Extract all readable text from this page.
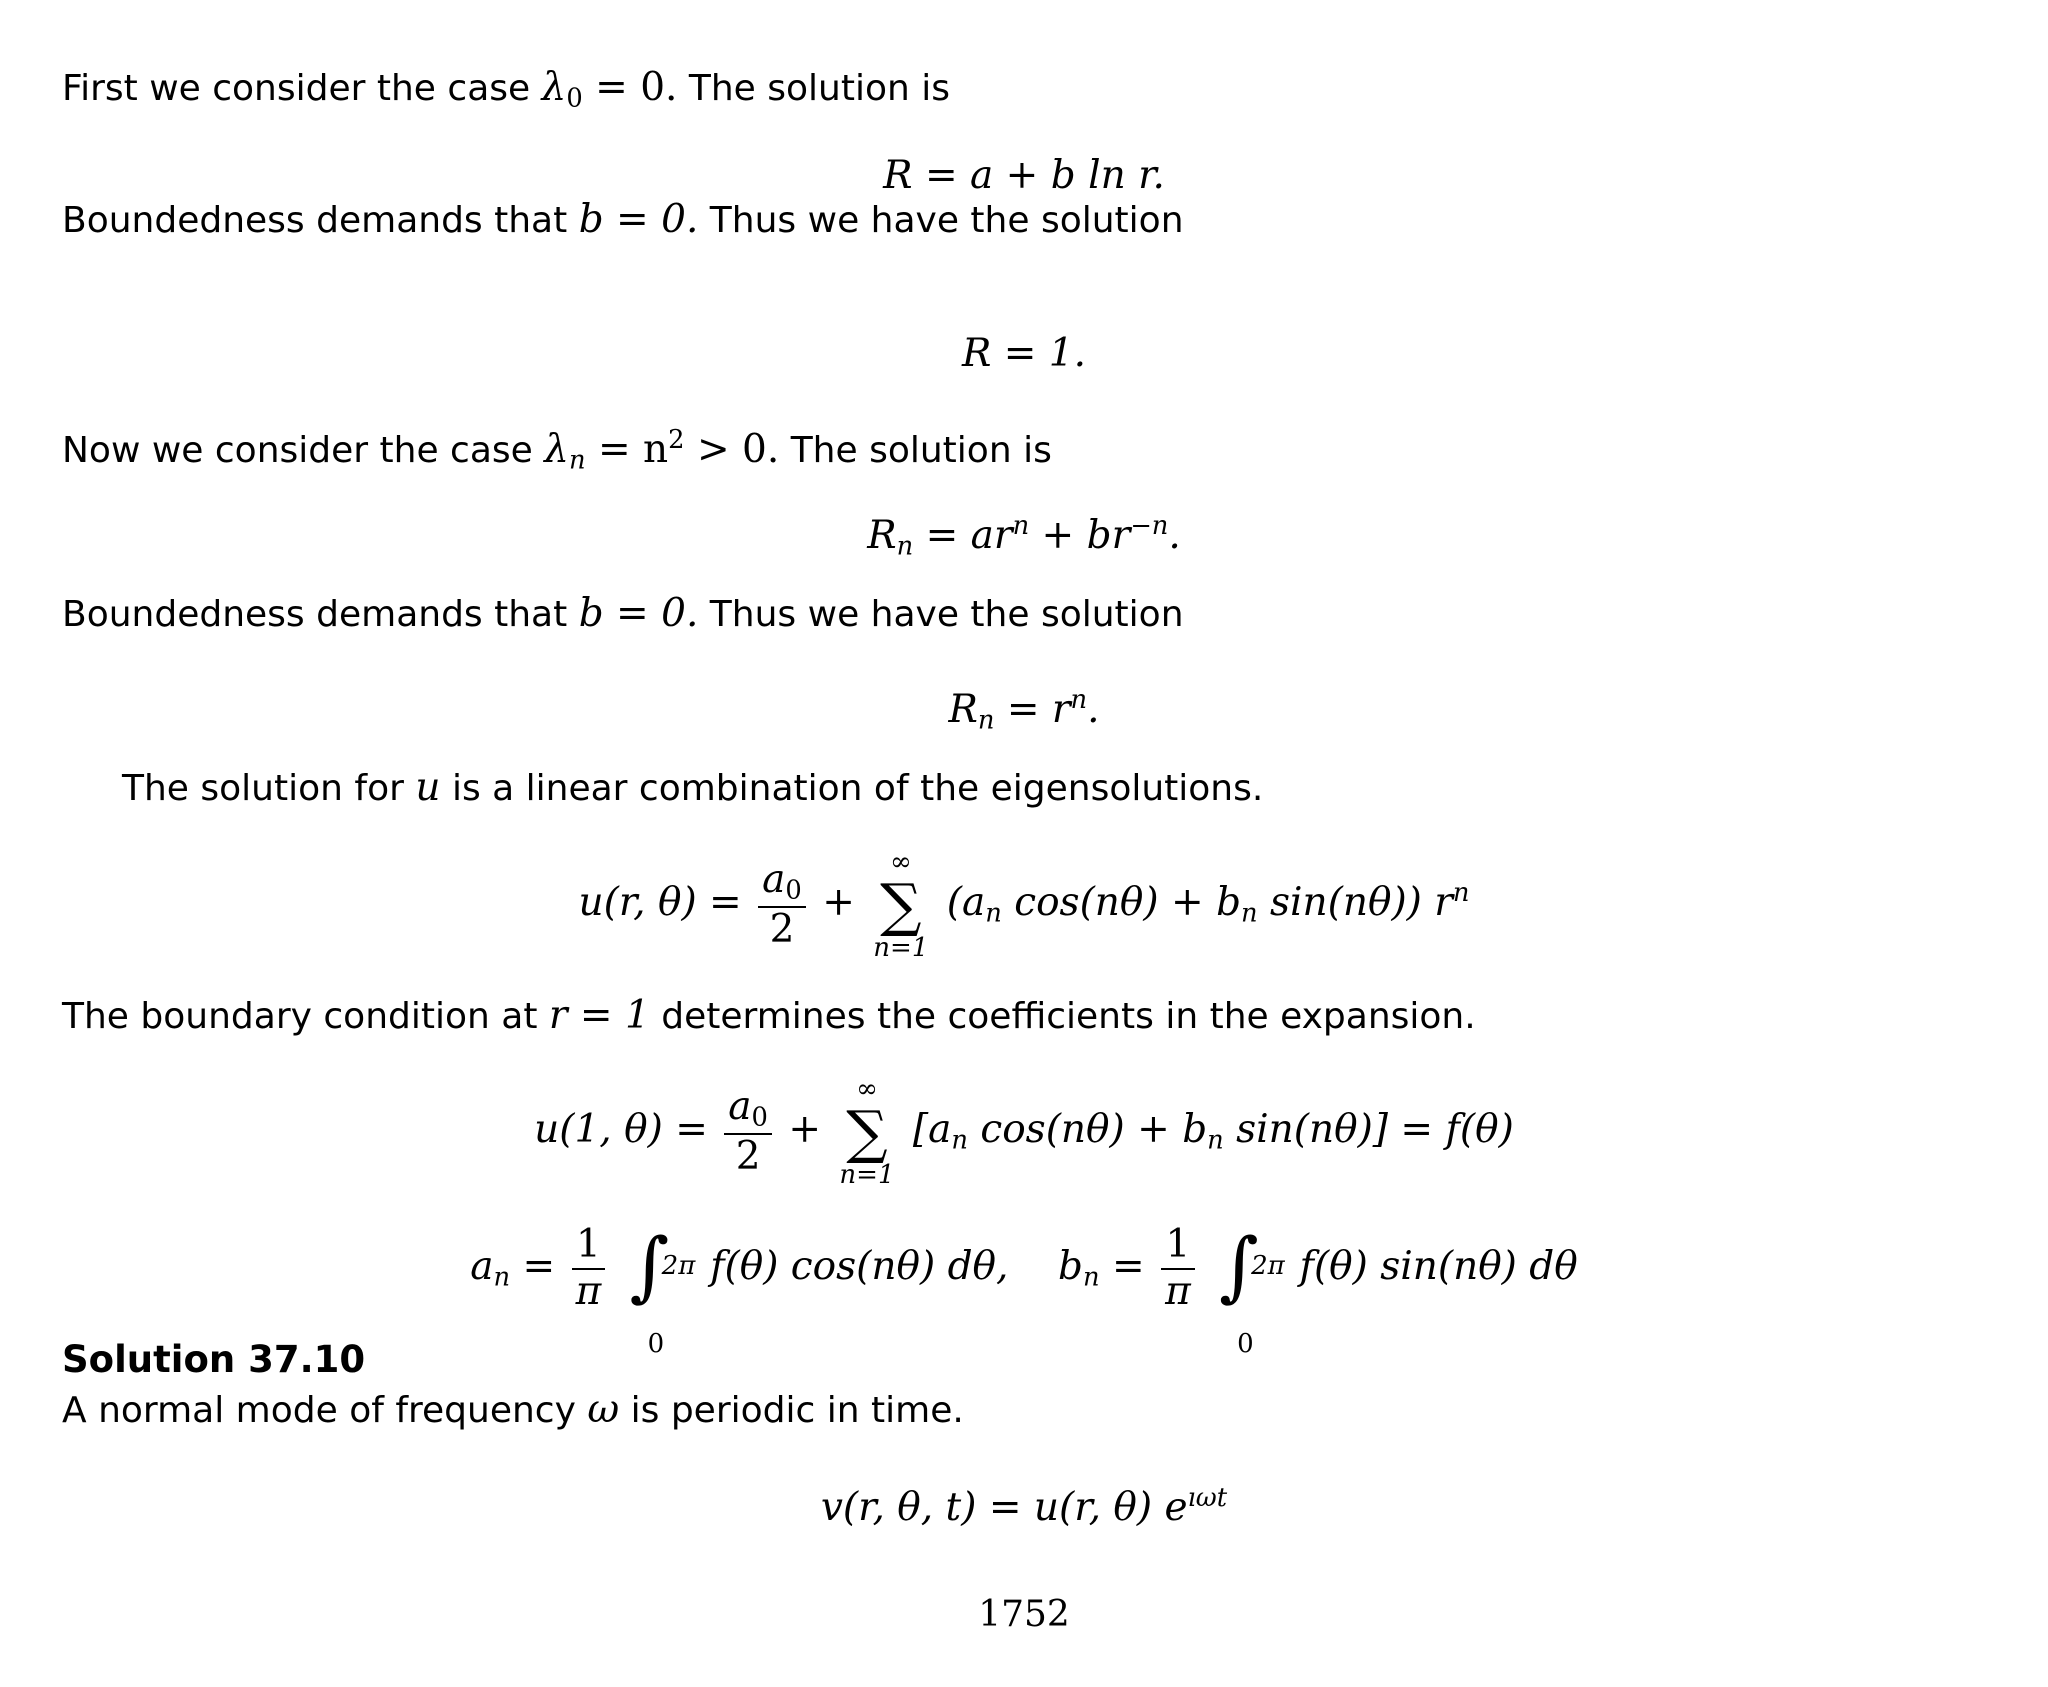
First we consider the case $\lambda_0 = 0$. The solution is
R = a + b ln r.
Boundedness demands that b = 0. Thus we have the solution
R = 1.
Now we consider the case $\lambda_n = n^2 > 0$. The solution is
$R_n = ar^n + br^{-n}$.
Boundedness demands that b = 0. Thus we have the solution
$R_n = r^n$.
The solution for u is a linear combination of the eigensolutions.
u(r, $\theta) = \frac{a_0}{2}$ +
∞
∑
n=1
($a_n$ $\cos(n\theta) + b_n$ sin(nθ)) $r^n$
The boundary condition at r = 1 determines the coefficients in the expansion.
u(1, $\theta) = \frac{a_0}{2}$ +
∞
∑
n=1
[$a_n$ $\cos(n\theta) + b_n$ sin(nθ)] = f(θ)
$a_n = \frac{1}{\pi}$
∫
2π
0
f(θ) cos(nθ) dθ, $b_n = \frac{1}{\pi}$
∫
2π
0
f(θ) sin(nθ) dθ
Solution 37.10
A normal mode of frequency ω is periodic in time.
v(r, θ, t) = u(r, θ) $e^{ı\omega t}$
1752
